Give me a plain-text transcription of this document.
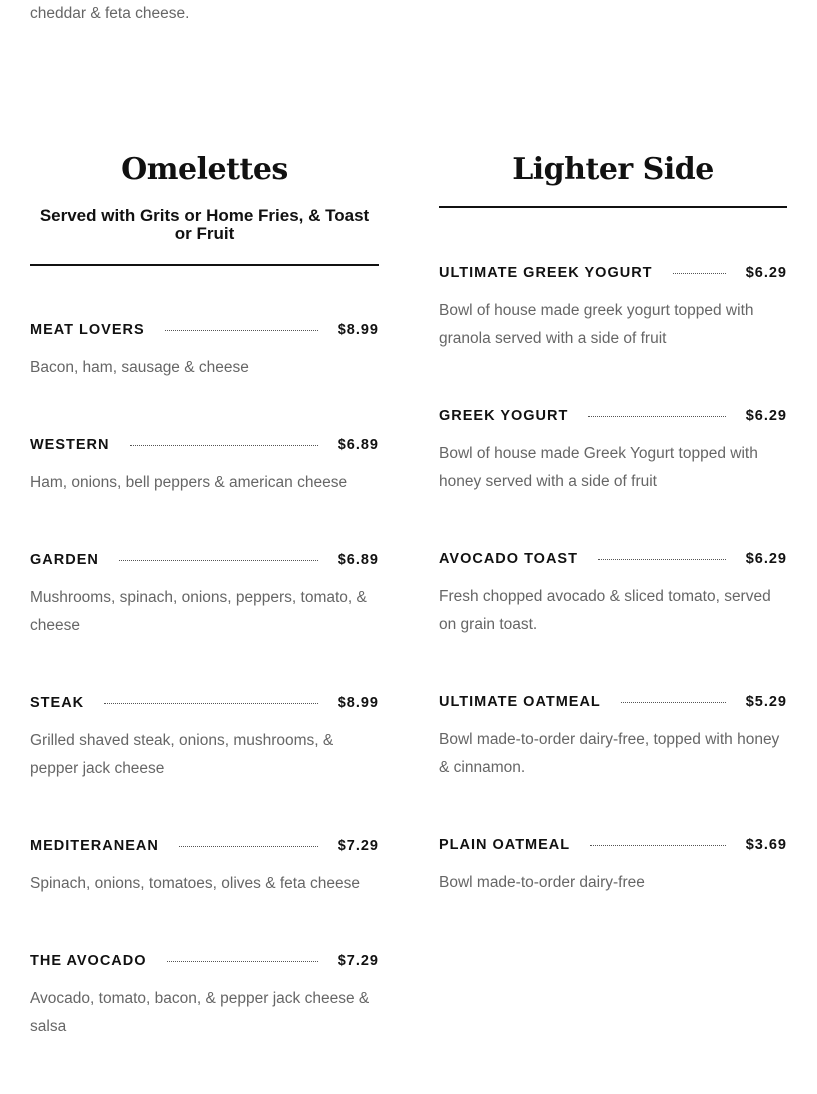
cheddar & feta cheese.
Omelettes
Served with Grits or Home Fries, & Toast or Fruit
MEAT LOVERS	$8.99
Bacon, ham, sausage & cheese
WESTERN	$6.89
Ham, onions, bell peppers & american cheese
GARDEN	$6.89
Mushrooms, spinach, onions, peppers, tomato, & cheese
STEAK	$8.99
Grilled shaved steak, onions, mushrooms, & pepper jack cheese
MEDITERANEAN	$7.29
Spinach, onions, tomatoes, olives & feta cheese
THE AVOCADO	$7.29
Avocado, tomato, bacon, & pepper jack cheese & salsa
Lighter Side
ULTIMATE GREEK YOGURT	$6.29
Bowl of house made greek yogurt topped with granola served with a side of fruit
GREEK YOGURT	$6.29
Bowl of house made Greek Yogurt topped with honey served with a side of fruit
AVOCADO TOAST	$6.29
Fresh chopped avocado & sliced tomato, served on grain toast.
ULTIMATE OATMEAL	$5.29
Bowl made-to-order dairy-free, topped with honey & cinnamon.
PLAIN OATMEAL	$3.69
Bowl made-to-order dairy-free
